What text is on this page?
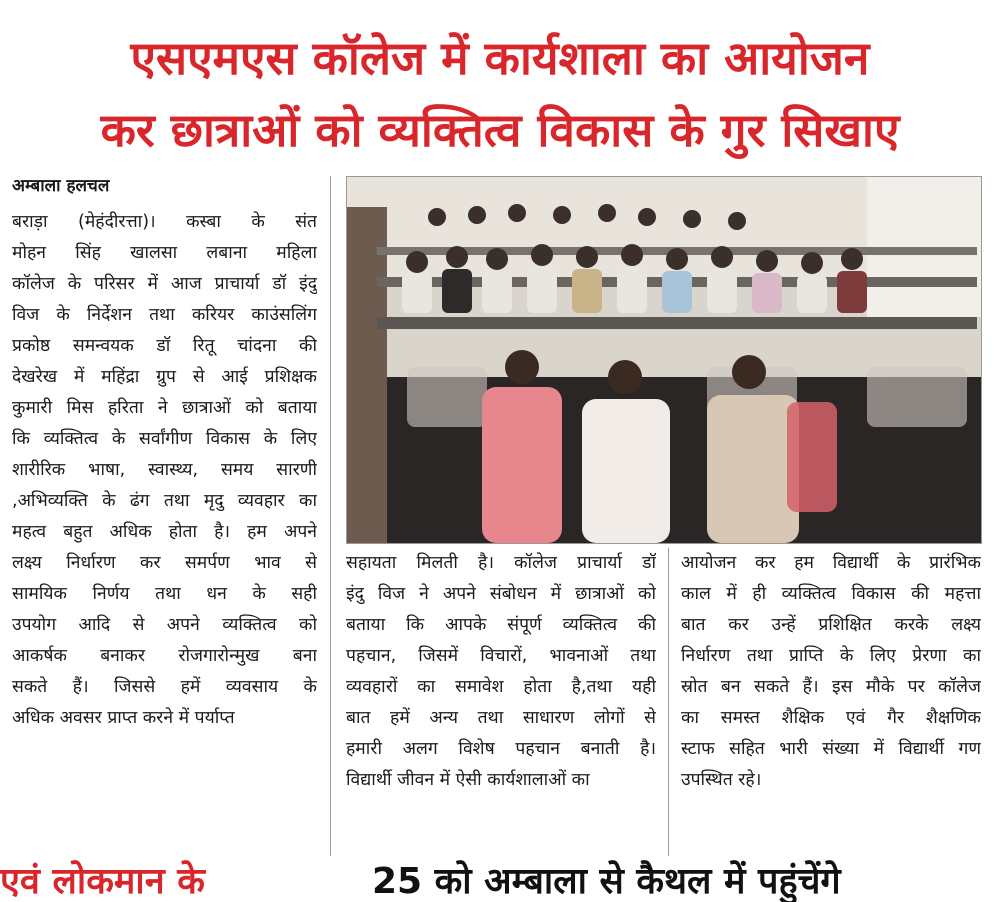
एसएमएस कॉलेज में कार्यशाला का आयोजन
कर छात्राओं को व्यक्तित्व विकास के गुर सिखाए
अम्बाला हलचल
बराड़ा (मेहंदीरत्ता)। कस्बा के संत
मोहन सिंह खालसा लबाना महिला
कॉलेज के परिसर में आज प्राचार्या डॉ इंदु
विज के निर्देशन तथा करियर काउंसलिंग
प्रकोष्ठ समन्वयक डॉ रितू चांदना की
देखरेख में महिंद्रा ग्रुप से आई प्रशिक्षक
कुमारी मिस हरिता ने छात्राओं को बताया
कि व्यक्तित्व के सर्वांगीण विकास के लिए
शारीरिक भाषा, स्वास्थ्य, समय सारणी
,अभिव्यक्ति के ढंग तथा मृदु व्यवहार का
महत्व बहुत अधिक होता है। हम अपने
लक्ष्य निर्धारण कर समर्पण भाव से
सामयिक निर्णय तथा धन के सही
उपयोग आदि से अपने व्यक्तित्व को
आकर्षक बनाकर रोजगारोन्मुख बना
सकते हैं। जिससे हमें व्यवसाय के
अधिक अवसर प्राप्त करने में पर्याप्त
सहायता मिलती है। कॉलेज प्राचार्या डॉ
इंदु विज ने अपने संबोधन में छात्राओं को
बताया कि आपके संपूर्ण व्यक्तित्व की
पहचान, जिसमें विचारों, भावनाओं तथा
व्यवहारों का समावेश होता है,तथा यही
बात हमें अन्य तथा साधारण लोगों से
हमारी अलग विशेष पहचान बनाती है।
विद्यार्थी जीवन में ऐसी कार्यशालाओं का
आयोजन कर हम विद्यार्थी के प्रारंभिक
काल में ही व्यक्तित्व विकास की महत्ता
बात कर उन्हें प्रशिक्षित करके लक्ष्य
निर्धारण तथा प्राप्ति के लिए प्रेरणा का
स्रोत बन सकते हैं। इस मौके पर कॉलेज
का समस्त शैक्षिक एवं गैर शैक्षणिक
स्टाफ सहित भारी संख्या में विद्यार्थी गण
उपस्थित रहे।
एवं लोकमान के	25 को अम्बाला से कैथल में पहुंचेंगे
